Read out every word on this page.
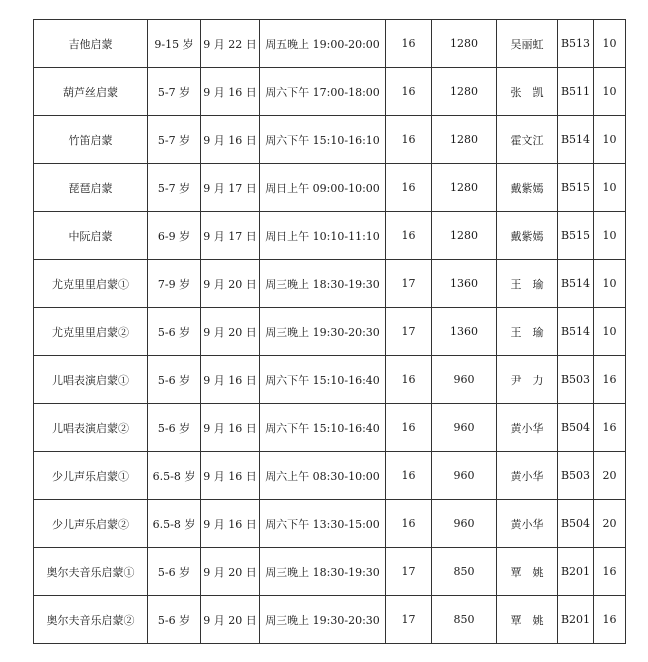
吉他启蒙	9-15 岁	9 月 22 日	周五晚上 19:00-20:00	16	1280	吴丽虹	B513	10
葫芦丝启蒙	5-7 岁	9 月 16 日	周六下午 17:00-18:00	16	1280	张　凯	B511	10
竹笛启蒙	5-7 岁	9 月 16 日	周六下午 15:10-16:10	16	1280	霍文江	B514	10
琵琶启蒙	5-7 岁	9 月 17 日	周日上午 09:00-10:00	16	1280	戴紫嫣	B515	10
中阮启蒙	6-9 岁	9 月 17 日	周日上午 10:10-11:10	16	1280	戴紫嫣	B515	10
尤克里里启蒙①	7-9 岁	9 月 20 日	周三晚上 18:30-19:30	17	1360	王　瑜	B514	10
尤克里里启蒙②	5-6 岁	9 月 20 日	周三晚上 19:30-20:30	17	1360	王　瑜	B514	10
儿唱表演启蒙①	5-6 岁	9 月 16 日	周六下午 15:10-16:40	16	960	尹　力	B503	16
儿唱表演启蒙②	5-6 岁	9 月 16 日	周六下午 15:10-16:40	16	960	黄小华	B504	16
少儿声乐启蒙①	6.5-8 岁	9 月 16 日	周六上午 08:30-10:00	16	960	黄小华	B503	20
少儿声乐启蒙②	6.5-8 岁	9 月 16 日	周六下午 13:30-15:00	16	960	黄小华	B504	20
奥尔夫音乐启蒙①	5-6 岁	9 月 20 日	周三晚上 18:30-19:30	17	850	覃　姚	B201	16
奥尔夫音乐启蒙②	5-6 岁	9 月 20 日	周三晚上 19:30-20:30	17	850	覃　姚	B201	16
